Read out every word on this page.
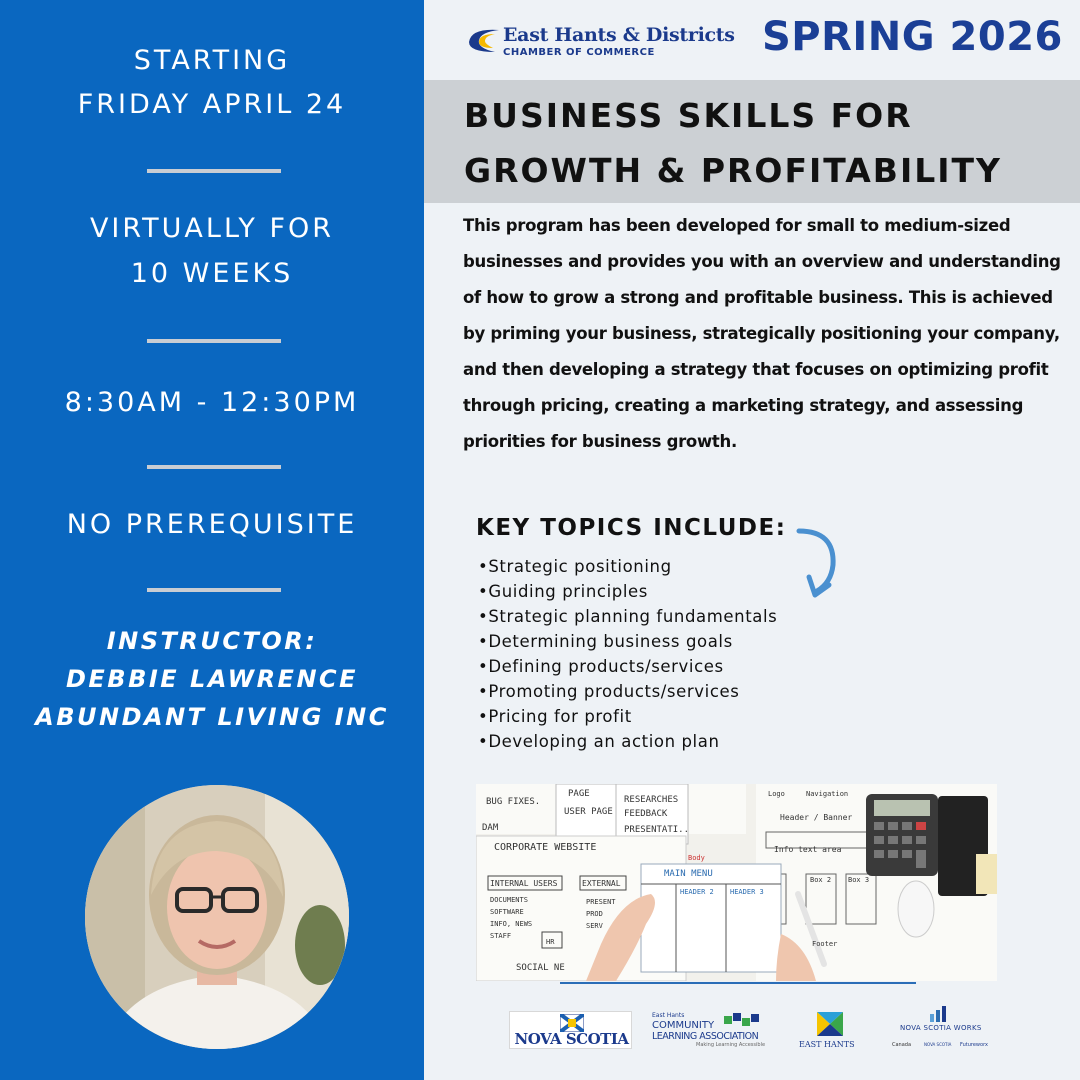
STARTING
FRIDAY APRIL 24
VIRTUALLY FOR
10 WEEKS
8:30AM - 12:30PM
NO PREREQUISITE
INSTRUCTOR:
DEBBIE LAWRENCE
ABUNDANT LIVING INC
East Hants & Districts
CHAMBER OF COMMERCE	SPRING 2026
BUSINESS SKILLS FOR
GROWTH & PROFITABILITY
This program has been developed for small to medium-sized businesses and provides you with an overview and understanding of how to grow a strong and profitable business. This is achieved by priming your business, strategically positioning your company, and then developing a strategy that focuses on optimizing profit through pricing, creating a marketing strategy, and assessing priorities for business growth.
KEY TOPICS INCLUDE:
• Strategic positioning
• Guiding principles
• Strategic planning fundamentals
• Determining business goals
• Defining products/services
• Promoting products/services
• Pricing for profit
• Developing an action plan
BUG FIXES.
DAM
USER PAGE
PAGE
RESEARCHES
FEEDBACK
PRESENTATI..
CORPORATE WEBSITE
INTERNAL USERS	EXTERNAL
DOCUMENTS
SOFTWARE
INFO, NEWS
STAFF
HR
SOCIAL NE
PRESENT
PROD
SERV
MAIN MENU
Body
HEADER 2 HEADER 3
Logo	Navigation
Header / Banner
Info text area
Box 2 Box 3
Footer
NOVA SCOTIA
East Hants
COMMUNITY
LEARNING ASSOCIATION
Making Learning Accessible	EAST HANTS
NOVA SCOTIA WORKS
Canada	NOVA SCOTIA Futureworx
